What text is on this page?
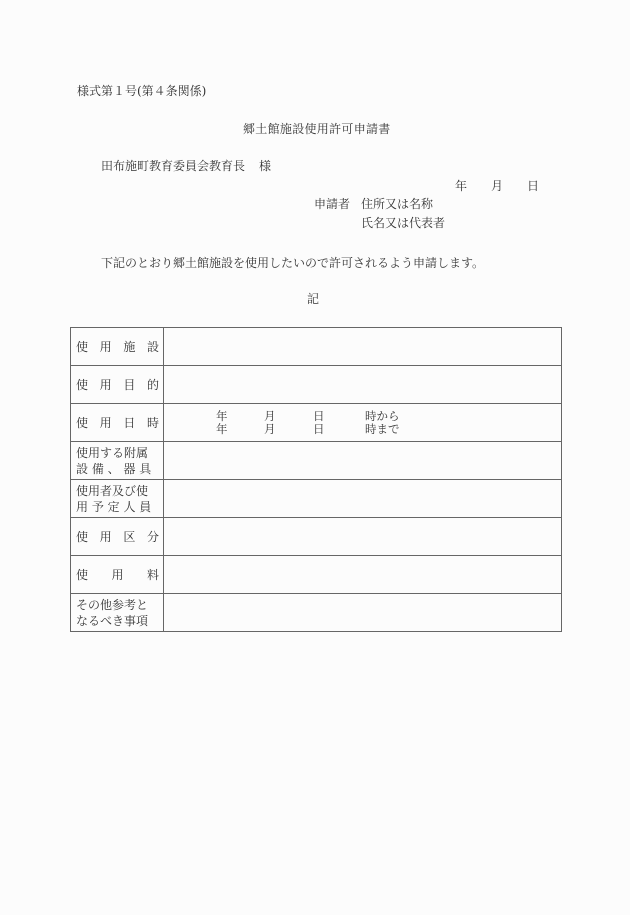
様式第１号(第４条関係)
郷土館施設使用許可申請書
田布施町教育委員会教育長 様
年 月 日
申請者 住所又は名称
氏名又は代表者
下記のとおり郷土館施設を使用したいので許可されるよう申請します。
記
使 用 施 設	

使 用 目 的	

使 用 日 時	年	月	日	時から
年	月	日	時まで

使用する附属
設 備 、 器 具	

使用者及び使
用 予 定 人 員	

使 用 区 分	

使 用 料	

その他参考と
なるべき事項	
